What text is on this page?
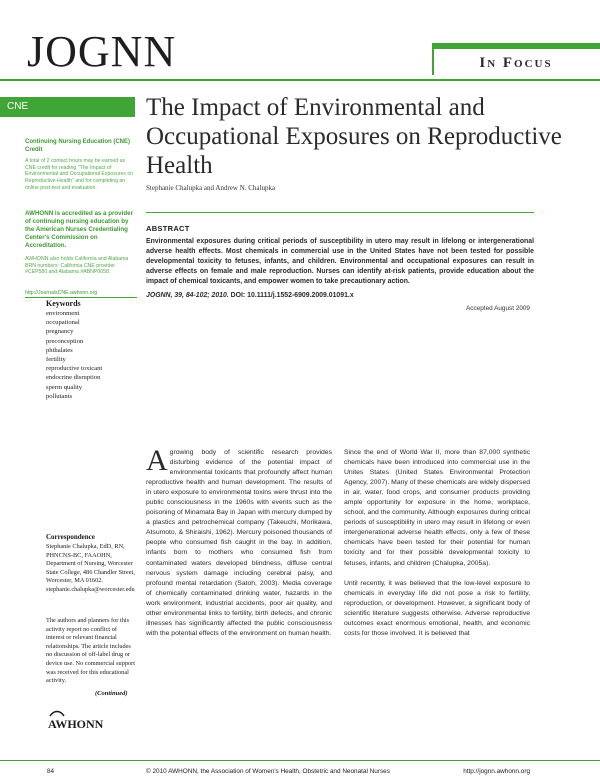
JOGNN	In Focus
CNE
Continuing Nursing Education (CNE) Credit
A total of 2 contact hours may be earned as CNE credit for reading "The Impact of Environmental and Occupational Exposures on Reproductive Health" and for completing an online post-test and evaluation.
AWHONN is accredited as a provider of continuing nursing education by the American Nurses Credentialing Center's Commission on Accreditation.
AWHONN also holds California and Alabama BRN numbers: California CNE provider #CEP580 and Alabama #ABNP0058.
http://JournalsCNE.awhonn.org
Keywords
environment
occupational
pregnancy
preconception
phthalates
fertility
reproductive toxicant
endocrine disruption
sperm quality
pollutants
The Impact of Environmental and Occupational Exposures on Reproductive Health
Stephanie Chalupka and Andrew N. Chalupka
ABSTRACT
Environmental exposures during critical periods of susceptibility in utero may result in lifelong or intergenerational adverse health effects. Most chemicals in commercial use in the United States have not been tested for possible developmental toxicity to fetuses, infants, and children. Environmental and occupational exposures can result in adverse effects on female and male reproduction. Nurses can identify at-risk patients, provide education about the impact of chemical toxicants, and empower women to take precautionary action.
JOGNN, 39, 84-102; 2010. DOI: 10.1111/j.1552-6909.2009.01091.x
Accepted August 2009

Agrowing body of scientific research provides disturbing evidence of the potential impact of environmental toxicants that profoundly affect human reproductive health and human development. The results of in utero exposure to environmental toxins were thrust into the public consciousness in the 1960s with events such as the poisoning of Minamata Bay in Japan with mercury dumped by a plastics and petrochemical company (Takeuchi, Morikawa, Atsumoto, & Shiraishi, 1962). Mercury poisoned thousands of people who consumed fish caught in the bay. In addition, infants born to mothers who consumed fish from contaminated waters developed blindness, diffuse central nervous system damage including cerebral palsy, and profound mental retardation (Satoh, 2003). Media coverage of chemically contaminated drinking water, hazards in the work environment, industrial accidents, poor air quality, and other environmental links to fertility, birth defects, and chronic illnesses has significantly affected the public consciousness with the potential effects of the environment on human health.

Since the end of World War II, more than 87,000 synthetic chemicals have been introduced into commercial use in the Unites States (United States Environmental Protection Agency, 2007). Many of these chemicals are widely dispersed in air, water, food crops, and consumer products providing ample opportunity for exposure in the home, workplace, school, and the community. Although exposures during critical periods of susceptibility in utero may result in lifelong or even intergenerational adverse health effects, only a few of these chemicals have been tested for their potential for human toxicity and for their possible developmental toxicity to fetuses, infants, and children (Chalupka, 2005a).

Until recently, it was believed that the low-level exposure to chemicals in everyday life did not pose a risk to fertility, reproduction, or development. However, a significant body of scientific literature suggests otherwise. Adverse reproductive outcomes exact enormous emotional, health, and economic costs for those involved. It is believed that

Correspondence
Stephanie Chalupka, EdD, RN, PHNCNS-BC, FAAOHN, Department of Nursing, Worcester State College, 486 Chandler Street, Worcester, MA 01602. stephanie.chalupka@worcester.edu
The authors and planners for this activity report no conflict of interest or relevant financial relationships. The article includes no discussion of off-label drug or device use. No commercial support was received for this educational activity.
(Continued)
AWHONN
84	© 2010 AWHONN, the Association of Women's Health, Obstetric and Neonatal Nurses	http://jognn.awhonn.org
